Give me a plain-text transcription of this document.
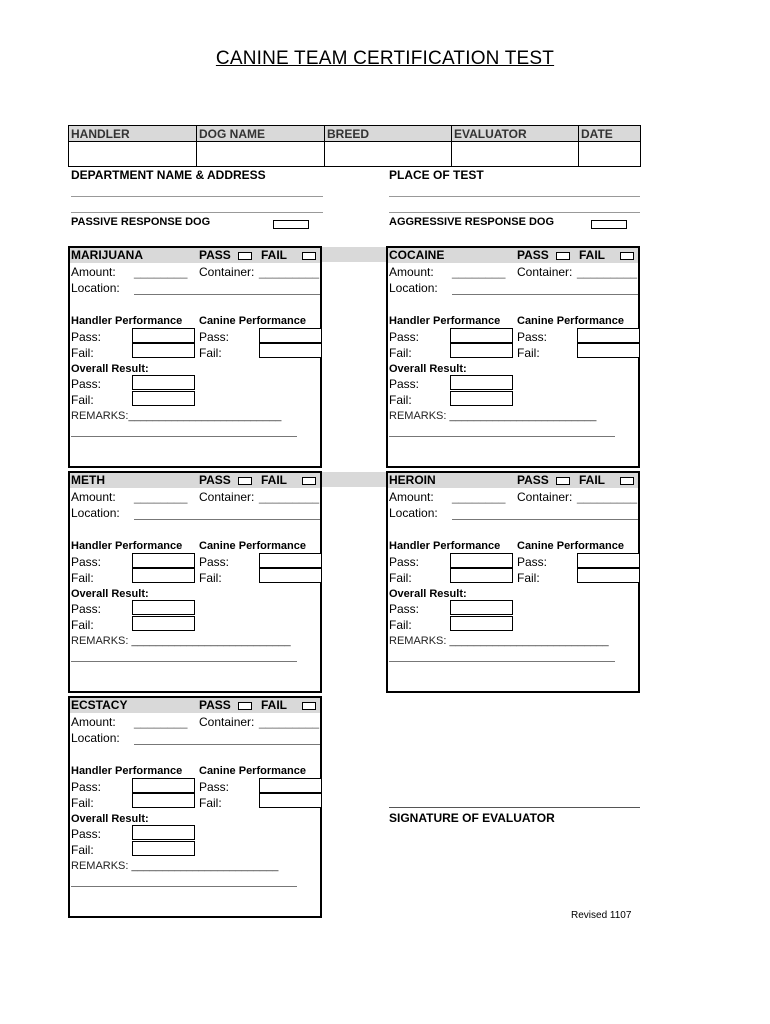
CANINE TEAM CERTIFICATION TEST
HANDLER	DOG NAME	BREED	EVALUATOR	DATE
DEPARTMENT NAME & ADDRESS	PLACE OF TEST
PASSIVE RESPONSE DOG	AGGRESSIVE RESPONSE DOG
MARIJUANA	PASS	FAIL
Amount: ________ Container: _________
Location:
Handler Performance Canine Performance
Pass:	Pass:
Fail:	Fail:
Overall Result:
Pass:
Fail:
REMARKS:_________________________
COCAINE	PASS	FAIL
Amount: ________ Container: _________
Location:
Handler Performance Canine Performance
Pass:	Pass:
Fail:	Fail:
Overall Result:
Pass:
Fail:
REMARKS: ________________________
METH	PASS	FAIL
Amount: ________ Container: _________
Location:
Handler Performance Canine Performance
Pass:	Pass:
Fail:	Fail:
Overall Result:
Pass:
Fail:
REMARKS: __________________________
HEROIN	PASS	FAIL
Amount: ________ Container: _________
Location:
Handler Performance Canine Performance
Pass:	Pass:
Fail:	Fail:
Overall Result:
Pass:
Fail:
REMARKS: __________________________
ECSTACY	PASS	FAIL
Amount: ________ Container: _________
Location:
Handler Performance Canine Performance
Pass:	Pass:
Fail:	Fail:
Overall Result:
Pass:
Fail:
REMARKS: ________________________
SIGNATURE OF EVALUATOR
Revised 1107
